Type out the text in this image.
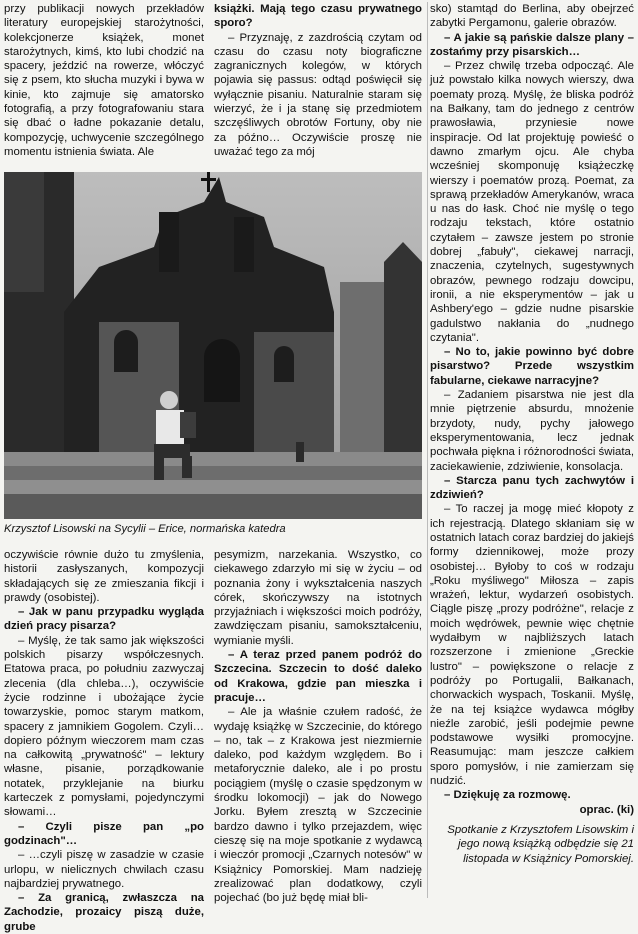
przy publikacji nowych przekładów literatury europejskiej starożytności, kolekcjonerze książek, monet starożytnych, kimś, kto lubi chodzić na spacery, jeździć na rowerze, włóczyć się z psem, kto słucha muzyki i bywa w kinie, kto zajmuje się amatorsko fotografią, a przy fotografowaniu stara się dbać o ładne pokazanie detalu, kompozycję, uchwycenie szczególnego momentu istnienia świata. Ale

książki. Mają tego czasu prywatnego sporo?

– Przyznaję, z zazdrością czytam od czasu do czasu noty biograficzne zagranicznych kolegów, w których pojawia się passus: odtąd poświęcił się wyłącznie pisaniu. Naturalnie staram się wierzyć, że i ja stanę się przedmiotem szczęśliwych obrotów Fortuny, oby nie za późno… Oczywiście proszę nie uważać tego za mój

sko) stamtąd do Berlina, aby obejrzeć zabytki Pergamonu, galerie obrazów.

– A jakie są pańskie dalsze plany – zostańmy przy pisarskich…

– Przez chwilę trzeba odpocząć. Ale już powstało kilka nowych wierszy, dwa poematy prozą. Myślę, że bliska podróż na Bałkany, tam do jednego z centrów prawosławia, przyniesie nowe inspiracje. Od lat projektuję powieść o dawno zmarłym ojcu. Ale chyba wcześniej skomponuję książeczkę wierszy i poematów prozą. Poemat, za sprawą przekładów Amerykanów, wraca u nas do łask. Choć nie myślę o tego rodzaju tekstach, które ostatnio czytałem – zawsze jestem po stronie dobrej „fabuły", ciekawej narracji, znaczenia, czytelnych, sugestywnych obrazów, pewnego rodzaju dowcipu, ironii, a nie eksperymentów – jak u Ashbery'ego – gdzie nudne pisarskie gadulstwo nakłania do „nudnego czytania".

– No to, jakie powinno być dobre pisarstwo? Przede wszystkim fabularne, ciekawe narracyjne?

– Zadaniem pisarstwa nie jest dla mnie piętrzenie absurdu, mnożenie brzydoty, nudy, pychy jałowego eksperymentowania, lecz jednak pochwała piękna i różnorodności świata, zaciekawienie, zdziwienie, konsolacja.

– Starcza panu tych zachwytów i zdziwień?

– To raczej ja mogę mieć kłopoty z ich rejestracją. Dlatego skłaniam się w ostatnich latach coraz bardziej do jakiejś formy dziennikowej, może prozy osobistej… Byłoby to coś w rodzaju „Roku myśliwego" Miłosza – zapis wrażeń, lektur, wydarzeń osobistych. Ciągle piszę „prozy podróżne", relacje z moich wędrówek, pewnie więc chętnie wydałbym w najbliższych latach rozszerzone i zmienione „Greckie lustro" – powiększone o relacje z podróży po Portugalii, Bałkanach, chorwackich wyspach, Toskanii. Myślę, że na tej książce wydawca mógłby nieźle zarobić, jeśli podejmie pewne podstawowe wysiłki promocyjne. Reasumując: mam jeszcze całkiem sporo pomysłów, i nie zamierzam się nudzić.

– Dziękuję za rozmowę.

oprac. (ki)

Spotkanie z Krzysztofem Lisowskim i jego nową książką odbędzie się 21 listopada w Książnicy Pomorskiej.

Krzysztof Lisowski na Sycylii – Erice, normańska katedra

oczywiście równie dużo tu zmyślenia, historii zasłyszanych, kompozycji składających się ze zmieszania fikcji i prawdy (osobistej).

– Jak w panu przypadku wygląda dzień pracy pisarza?

– Myślę, że tak samo jak większości polskich pisarzy współczesnych. Etatowa praca, po południu zazwyczaj zlecenia (dla chleba…), oczywiście życie rodzinne i ubożające życie towarzyskie, pomoc starym matkom, spacery z jamnikiem Gogolem. Czyli… dopiero późnym wieczorem mam czas na całkowitą „prywatność" – lektury własne, pisanie, porządkowanie notatek, przyklejanie na biurku karteczek z pomysłami, pojedynczymi słowami…

– Czyli pisze pan „po godzinach"…

– …czyli piszę w zasadzie w czasie urlopu, w nielicznych chwilach czasu najbardziej prywatnego.

– Za granicą, zwłaszcza na Zachodzie, prozaicy piszą duże, grube

pesymizm, narzekania. Wszystko, co ciekawego zdarzyło mi się w życiu – od poznania żony i wykształcenia naszych córek, skończywszy na istotnych przyjaźniach i większości moich podróży, zawdzięczam pisaniu, samokształceniu, wymianie myśli.

– A teraz przed panem podróż do Szczecina. Szczecin to dość daleko od Krakowa, gdzie pan mieszka i pracuje…

– Ale ja właśnie czułem radość, że wydaję książkę w Szczecinie, do którego – no, tak – z Krakowa jest niezmiernie daleko, pod każdym względem. Bo i metaforycznie daleko, ale i po prostu pociągiem (myślę o czasie spędzonym w środku lokomocji) – jak do Nowego Jorku. Byłem zresztą w Szczecinie bardzo dawno i tylko przejazdem, więc cieszę się na moje spotkanie z wydawcą i wieczór promocji „Czarnych notesów" w Książnicy Pomorskiej. Mam nadzieję zrealizować plan dodatkowy, czyli pojechać (bo już będę miał bli-
